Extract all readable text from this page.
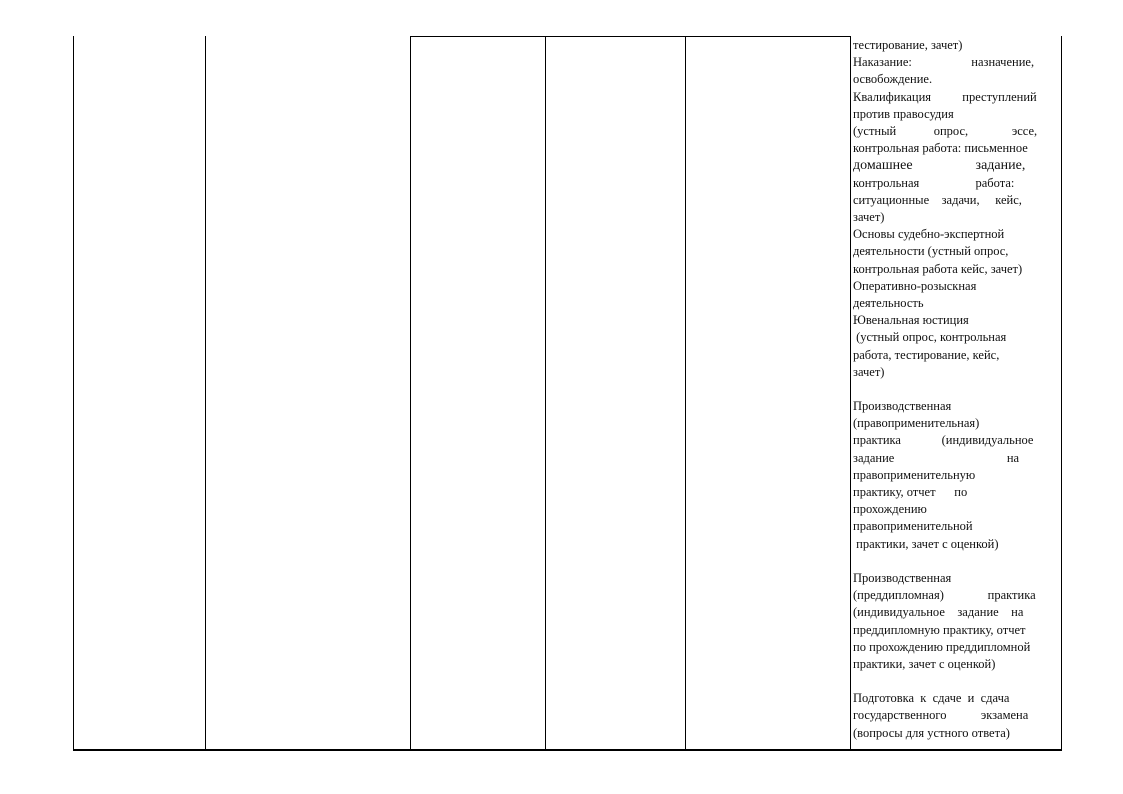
тестирование, зачет)

Наказание:                   назначение,

освобождение.

Квалификация          преступлений

против правосудия

(устный            опрос,              эссе,

контрольная работа: письменное

домашнее                  задание,

контрольная                  работа:

ситуационные    задачи,     кейс,

зачет)

Основы судебно-экспертной

деятельности (устный опрос,

контрольная работа кейс, зачет)

Оперативно-розыскная

деятельность

Ювенальная юстиция

(устный опрос, контрольная

работа, тестирование, кейс,

зачет)

Производственная

(правоприменительная)

практика             (индивидуальное

задание                                    на

правоприменительную

практику, отчет      по

прохождению

правоприменительной

практики, зачет с оценкой)

Производственная

(преддипломная)              практика

(индивидуальное    задание    на

преддипломную практику, отчет

по прохождению преддипломной

практики, зачет с оценкой)

Подготовка  к  сдаче  и  сдача

государственного           экзамена

(вопросы для устного ответа)
